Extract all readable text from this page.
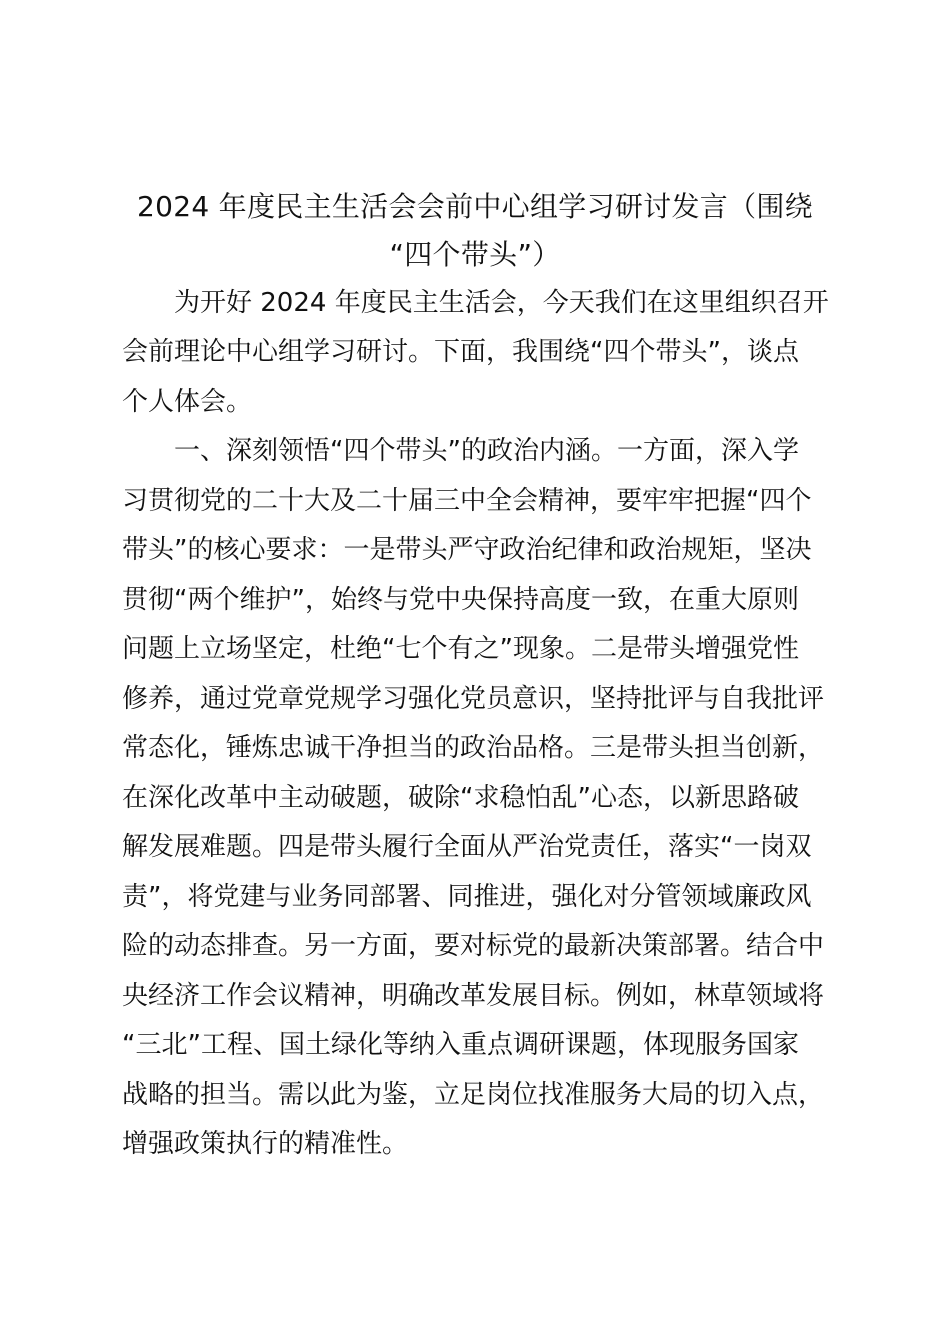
2024 年度民主生活会会前中心组学习研讨发言（围绕
“四个带头”）

　　为开好 2024 年度民主生活会，今天我们在这里组织召开

会前理论中心组学习研讨。下面，我围绕“四个带头”，谈点

个人体会。

　　一、深刻领悟“四个带头”的政治内涵。一方面，深入学

习贯彻党的二十大及二十届三中全会精神，要牢牢把握“四个

带头”的核心要求：一是带头严守政治纪律和政治规矩，坚决

贯彻“两个维护”，始终与党中央保持高度一致，在重大原则

问题上立场坚定，杜绝“七个有之”现象。二是带头增强党性

修养，通过党章党规学习强化党员意识，坚持批评与自我批评

常态化，锤炼忠诚干净担当的政治品格。三是带头担当创新，

在深化改革中主动破题，破除“求稳怕乱”心态，以新思路破

解发展难题。四是带头履行全面从严治党责任，落实“一岗双

责”，将党建与业务同部署、同推进，强化对分管领域廉政风

险的动态排查。另一方面，要对标党的最新决策部署。结合中

央经济工作会议精神，明确改革发展目标。例如，林草领域将

“三北”工程、国土绿化等纳入重点调研课题，体现服务国家

战略的担当。需以此为鉴，立足岗位找准服务大局的切入点，

增强政策执行的精准性。
